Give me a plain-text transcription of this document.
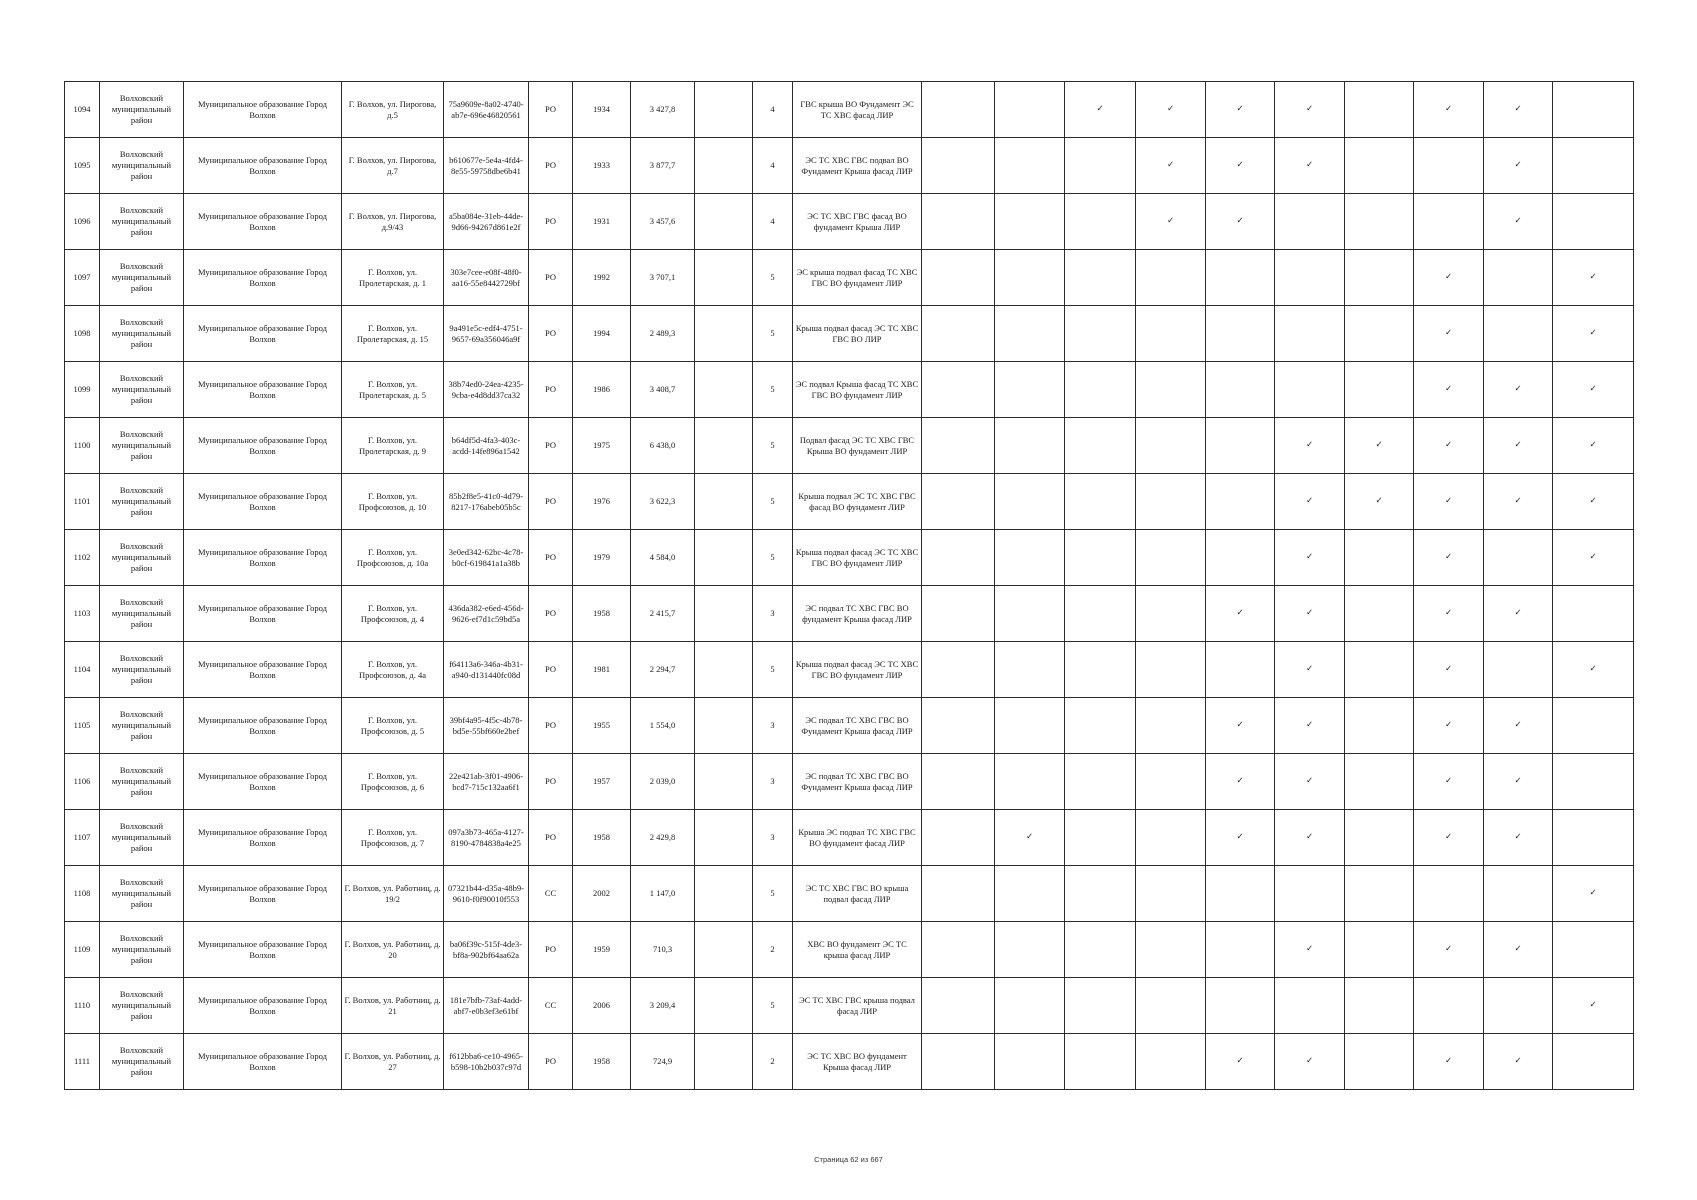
1094	Волховский муниципальный район	Муниципальное образование Город Волхов	Г. Волхов, ул. Пирогова, д.5	75a9609e-8a02-4740-ab7e-696e46820561	РО	1934	3 427,8		4	ГВС крыша ВО Фундамент ЭС ТС ХВС фасад ЛИР			✓	✓	✓	✓		✓	✓	
1095	Волховский муниципальный район	Муниципальное образование Город Волхов	Г. Волхов, ул. Пирогова, д.7	b610677e-5e4a-4fd4-8e55-59758dbe6b41	РО	1933	3 877,7		4	ЭС ТС ХВС ГВС подвал ВО Фундамент Крыша фасад ЛИР				✓	✓	✓			✓	
1096	Волховский муниципальный район	Муниципальное образование Город Волхов	Г. Волхов, ул. Пирогова, д.9/43	a5ba084e-31eb-44de-9d66-94267d861e2f	РО	1931	3 457,6		4	ЭС ТС ХВС ГВС фасад ВО фундамент Крыша ЛИР				✓	✓				✓	
1097	Волховский муниципальный район	Муниципальное образование Город Волхов	Г. Волхов, ул. Пролетарская, д. 1	303e7cee-e08f-48f0-aa16-55e8442729bf	РО	1992	3 707,1		5	ЭС крыша подвал фасад ТС ХВС ГВС ВО фундамент ЛИР								✓		✓
1098	Волховский муниципальный район	Муниципальное образование Город Волхов	Г. Волхов, ул. Пролетарская, д. 15	9a491e5c-edf4-4751-9657-69a356046a9f	РО	1994	2 489,3		5	Крыша подвал фасад ЭС ТС ХВС ГВС ВО ЛИР								✓		✓
1099	Волховский муниципальный район	Муниципальное образование Город Волхов	Г. Волхов, ул. Пролетарская, д. 5	38b74ed0-24ea-4235-9cba-e4d8dd37ca32	РО	1986	3 408,7		5	ЭС подвал Крыша фасад ТС ХВС ГВС ВО фундамент ЛИР								✓	✓	✓
1100	Волховский муниципальный район	Муниципальное образование Город Волхов	Г. Волхов, ул. Пролетарская, д. 9	b64df5d-4fa3-403c-acdd-14fe896a1542	РО	1975	6 438,0		5	Подвал фасад ЭС ТС ХВС ГВС Крыша ВО фундамент ЛИР						✓	✓	✓	✓	✓
1101	Волховский муниципальный район	Муниципальное образование Город Волхов	Г. Волхов, ул. Профсоюзов, д. 10	85b2f8e5-41c0-4d79-8217-176abeb05b5c	РО	1976	3 622,3		5	Крыша подвал ЭС ТС ХВС ГВС фасад ВО фундамент ЛИР						✓	✓	✓	✓	✓
1102	Волховский муниципальный район	Муниципальное образование Город Волхов	Г. Волхов, ул. Профсоюзов, д. 10а	3e0ed342-62bc-4c78-b0cf-619841a1a38b	РО	1979	4 584,0		5	Крыша подвал фасад ЭС ТС ХВС ГВС ВО фундамент ЛИР						✓		✓		✓
1103	Волховский муниципальный район	Муниципальное образование Город Волхов	Г. Волхов, ул. Профсоюзов, д. 4	436da382-e6ed-456d-9626-ef7d1c59bd5a	РО	1958	2 415,7		3	ЭС подвал ТС ХВС ГВС ВО фундамент Крыша фасад ЛИР					✓	✓		✓	✓	
1104	Волховский муниципальный район	Муниципальное образование Город Волхов	Г. Волхов, ул. Профсоюзов, д. 4а	f64113a6-346a-4b31-a940-d131440fc08d	РО	1981	2 294,7		5	Крыша подвал фасад ЭС ТС ХВС ГВС ВО фундамент ЛИР						✓		✓		✓
1105	Волховский муниципальный район	Муниципальное образование Город Волхов	Г. Волхов, ул. Профсоюзов, д. 5	39bf4a95-4f5c-4b78-bd5e-55bf660e2bef	РО	1955	1 554,0		3	ЭС подвал ТС ХВС ГВС ВО Фундамент Крыша фасад ЛИР					✓	✓		✓	✓	
1106	Волховский муниципальный район	Муниципальное образование Город Волхов	Г. Волхов, ул. Профсоюзов, д. 6	22e421ab-3f01-4906-bcd7-715c132aa6f1	РО	1957	2 039,0		3	ЭС подвал ТС ХВС ГВС ВО Фундамент Крыша фасад ЛИР					✓	✓		✓	✓	
1107	Волховский муниципальный район	Муниципальное образование Город Волхов	Г. Волхов, ул. Профсоюзов, д. 7	097a3b73-465a-4127-8190-4784838a4e25	РО	1958	2 429,8		3	Крыша ЭС подвал ТС ХВС ГВС ВО фундамент фасад ЛИР		✓			✓	✓		✓	✓	
1108	Волховский муниципальный район	Муниципальное образование Город Волхов	Г. Волхов, ул. Работниц, д. 19/2	07321b44-d35a-48b9-9610-f0f90010f553	СС	2002	1 147,0		5	ЭС ТС ХВС ГВС ВО крыша подвал фасад ЛИР										✓
1109	Волховский муниципальный район	Муниципальное образование Город Волхов	Г. Волхов, ул. Работниц, д. 20	ba06f39c-515f-4de3-bf8a-902bf64aa62a	РО	1959	710,3		2	ХВС ВО фундамент ЭС ТС крыша фасад ЛИР						✓		✓	✓	
1110	Волховский муниципальный район	Муниципальное образование Город Волхов	Г. Волхов, ул. Работниц, д. 21	181e7bfb-73af-4add-abf7-e0b3ef3e61bf	СС	2006	3 209,4		5	ЭС ТС ХВС ГВС крыша подвал фасад ЛИР										✓
1111	Волховский муниципальный район	Муниципальное образование Город Волхов	Г. Волхов, ул. Работниц, д. 27	f612bba6-ce10-4965-b598-10b2b037c97d	РО	1958	724,9		2	ЭС ТС ХВС ВО фундамент Крыша фасад ЛИР					✓	✓		✓	✓	
Страница 62 из 667
